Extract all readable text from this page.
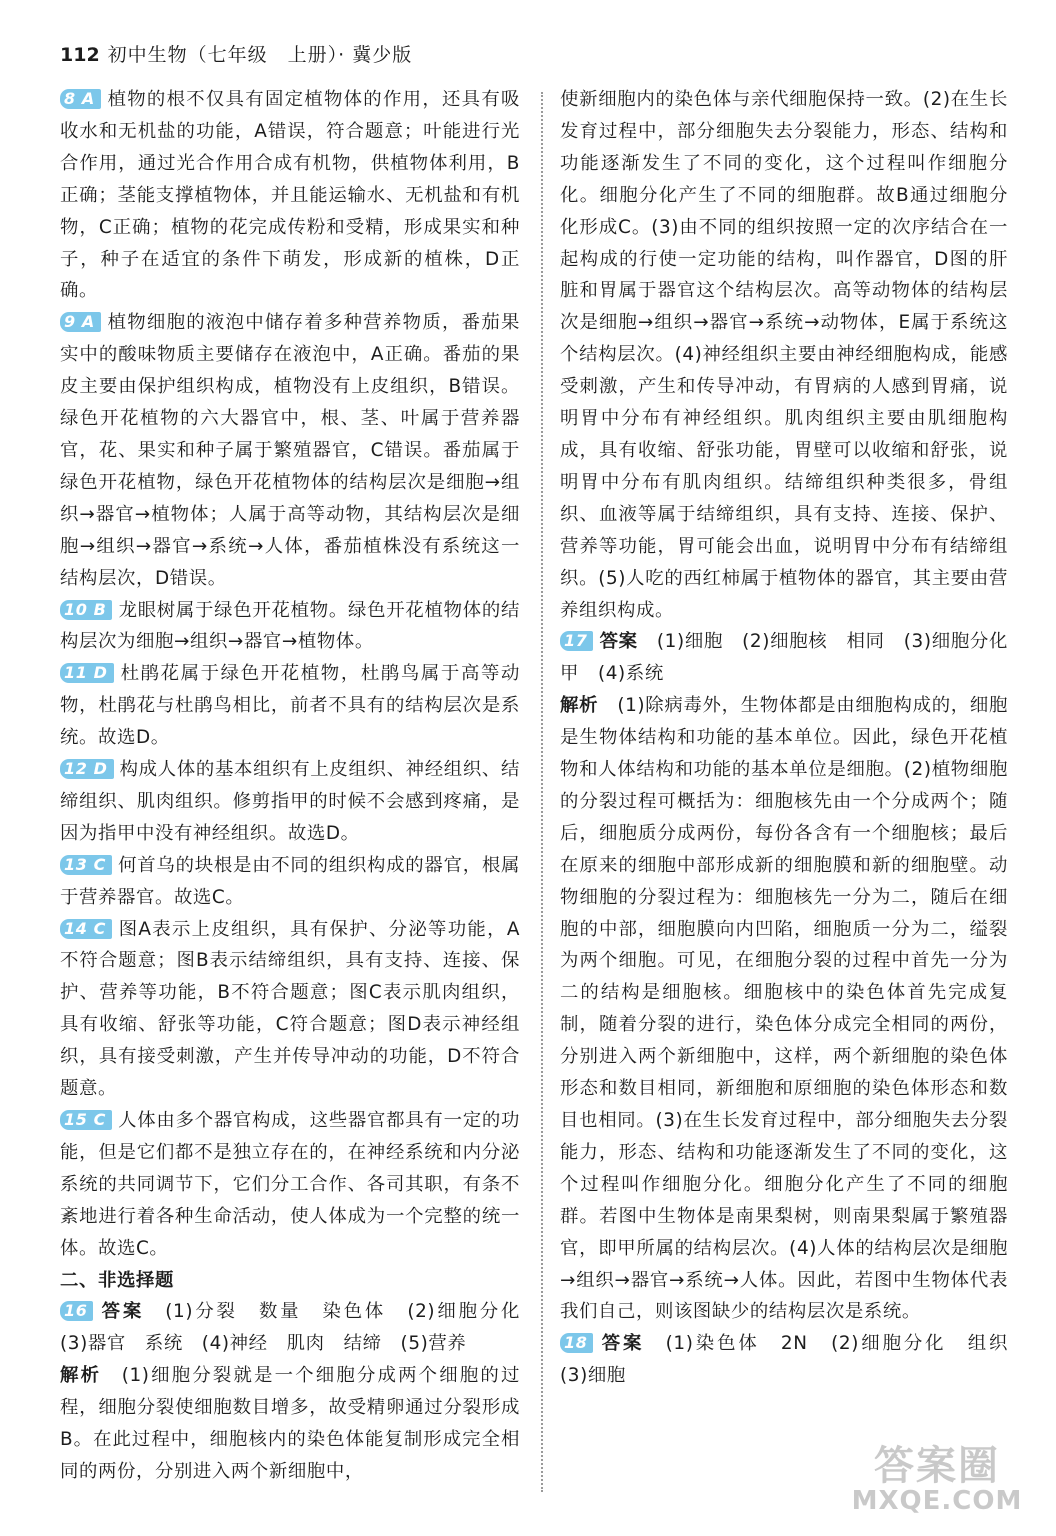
112 初中生物（七年级　上册）· 冀少版
8 A 植物的根不仅具有固定植物体的作用，还具有吸收水和无机盐的功能，A错误，符合题意；叶能进行光合作用，通过光合作用合成有机物，供植物体利用，B正确；茎能支撑植物体，并且能运输水、无机盐和有机物，C正确；植物的花完成传粉和受精，形成果实和种子，种子在适宜的条件下萌发，形成新的植株，D正确。
9 A 植物细胞的液泡中储存着多种营养物质，番茄果实中的酸味物质主要储存在液泡中，A正确。番茄的果皮主要由保护组织构成，植物没有上皮组织，B错误。绿色开花植物的六大器官中，根、茎、叶属于营养器官，花、果实和种子属于繁殖器官，C错误。番茄属于绿色开花植物，绿色开花植物体的结构层次是细胞→组织→器官→植物体；人属于高等动物，其结构层次是细胞→组织→器官→系统→人体，番茄植株没有系统这一结构层次，D错误。
10 B 龙眼树属于绿色开花植物。绿色开花植物体的结构层次为细胞→组织→器官→植物体。
11 D 杜鹃花属于绿色开花植物，杜鹃鸟属于高等动物，杜鹃花与杜鹃鸟相比，前者不具有的结构层次是系统。故选D。
12 D 构成人体的基本组织有上皮组织、神经组织、结缔组织、肌肉组织。修剪指甲的时候不会感到疼痛，是因为指甲中没有神经组织。故选D。
13 C 何首乌的块根是由不同的组织构成的器官，根属于营养器官。故选C。
14 C 图A表示上皮组织，具有保护、分泌等功能，A不符合题意；图B表示结缔组织，具有支持、连接、保护、营养等功能，B不符合题意；图C表示肌肉组织，具有收缩、舒张等功能，C符合题意；图D表示神经组织，具有接受刺激，产生并传导冲动的功能，D不符合题意。
15 C 人体由多个器官构成，这些器官都具有一定的功能，但是它们都不是独立存在的，在神经系统和内分泌系统的共同调节下，它们分工合作、各司其职，有条不紊地进行着各种生命活动，使人体成为一个完整的统一体。故选C。
二、非选择题
16 答案　 (1)分裂　数量　染色体　(2)细胞分化　(3)器官　系统　(4)神经　肌肉　结缔　(5)营养
解析　 (1)细胞分裂就是一个细胞分成两个细胞的过程，细胞分裂使细胞数目增多，故受精卵通过分裂形成B。在此过程中，细胞核内的染色体能复制形成完全相同的两份，分别进入两个新细胞中，
使新细胞内的染色体与亲代细胞保持一致。(2)在生长发育过程中，部分细胞失去分裂能力，形态、结构和功能逐渐发生了不同的变化，这个过程叫作细胞分化。细胞分化产生了不同的细胞群。故B通过细胞分化形成C。(3)由不同的组织按照一定的次序结合在一起构成的行使一定功能的结构，叫作器官，D图的肝脏和胃属于器官这个结构层次。高等动物体的结构层次是细胞→组织→器官→系统→动物体，E属于系统这个结构层次。(4)神经组织主要由神经细胞构成，能感受刺激，产生和传导冲动，有胃病的人感到胃痛，说明胃中分布有神经组织。肌肉组织主要由肌细胞构成，具有收缩、舒张功能，胃壁可以收缩和舒张，说明胃中分布有肌肉组织。结缔组织种类很多，骨组织、血液等属于结缔组织，具有支持、连接、保护、营养等功能，胃可能会出血，说明胃中分布有结缔组织。(5)人吃的西红柿属于植物体的器官，其主要由营养组织构成。
17 答案　 (1)细胞　(2)细胞核　相同　(3)细胞分化　甲　(4)系统
解析　 (1)除病毒外，生物体都是由细胞构成的，细胞是生物体结构和功能的基本单位。因此，绿色开花植物和人体结构和功能的基本单位是细胞。(2)植物细胞的分裂过程可概括为：细胞核先由一个分成两个；随后，细胞质分成两份，每份各含有一个细胞核；最后在原来的细胞中部形成新的细胞膜和新的细胞壁。动物细胞的分裂过程为：细胞核先一分为二，随后在细胞的中部，细胞膜向内凹陷，细胞质一分为二，缢裂为两个细胞。可见，在细胞分裂的过程中首先一分为二的结构是细胞核。细胞核中的染色体首先完成复制，随着分裂的进行，染色体分成完全相同的两份，分别进入两个新细胞中，这样，两个新细胞的染色体形态和数目相同，新细胞和原细胞的染色体形态和数目也相同。(3)在生长发育过程中，部分细胞失去分裂能力，形态、结构和功能逐渐发生了不同的变化，这个过程叫作细胞分化。细胞分化产生了不同的细胞群。若图中生物体是南果梨树，则南果梨属于繁殖器官，即甲所属的结构层次。(4)人体的结构层次是细胞→组织→器官→系统→人体。因此，若图中生物体代表我们自己，则该图缺少的结构层次是系统。
18 答案　 (1)染色体　2N　(2)细胞分化　组织　(3)细胞
答案圈
MXQE.COM
